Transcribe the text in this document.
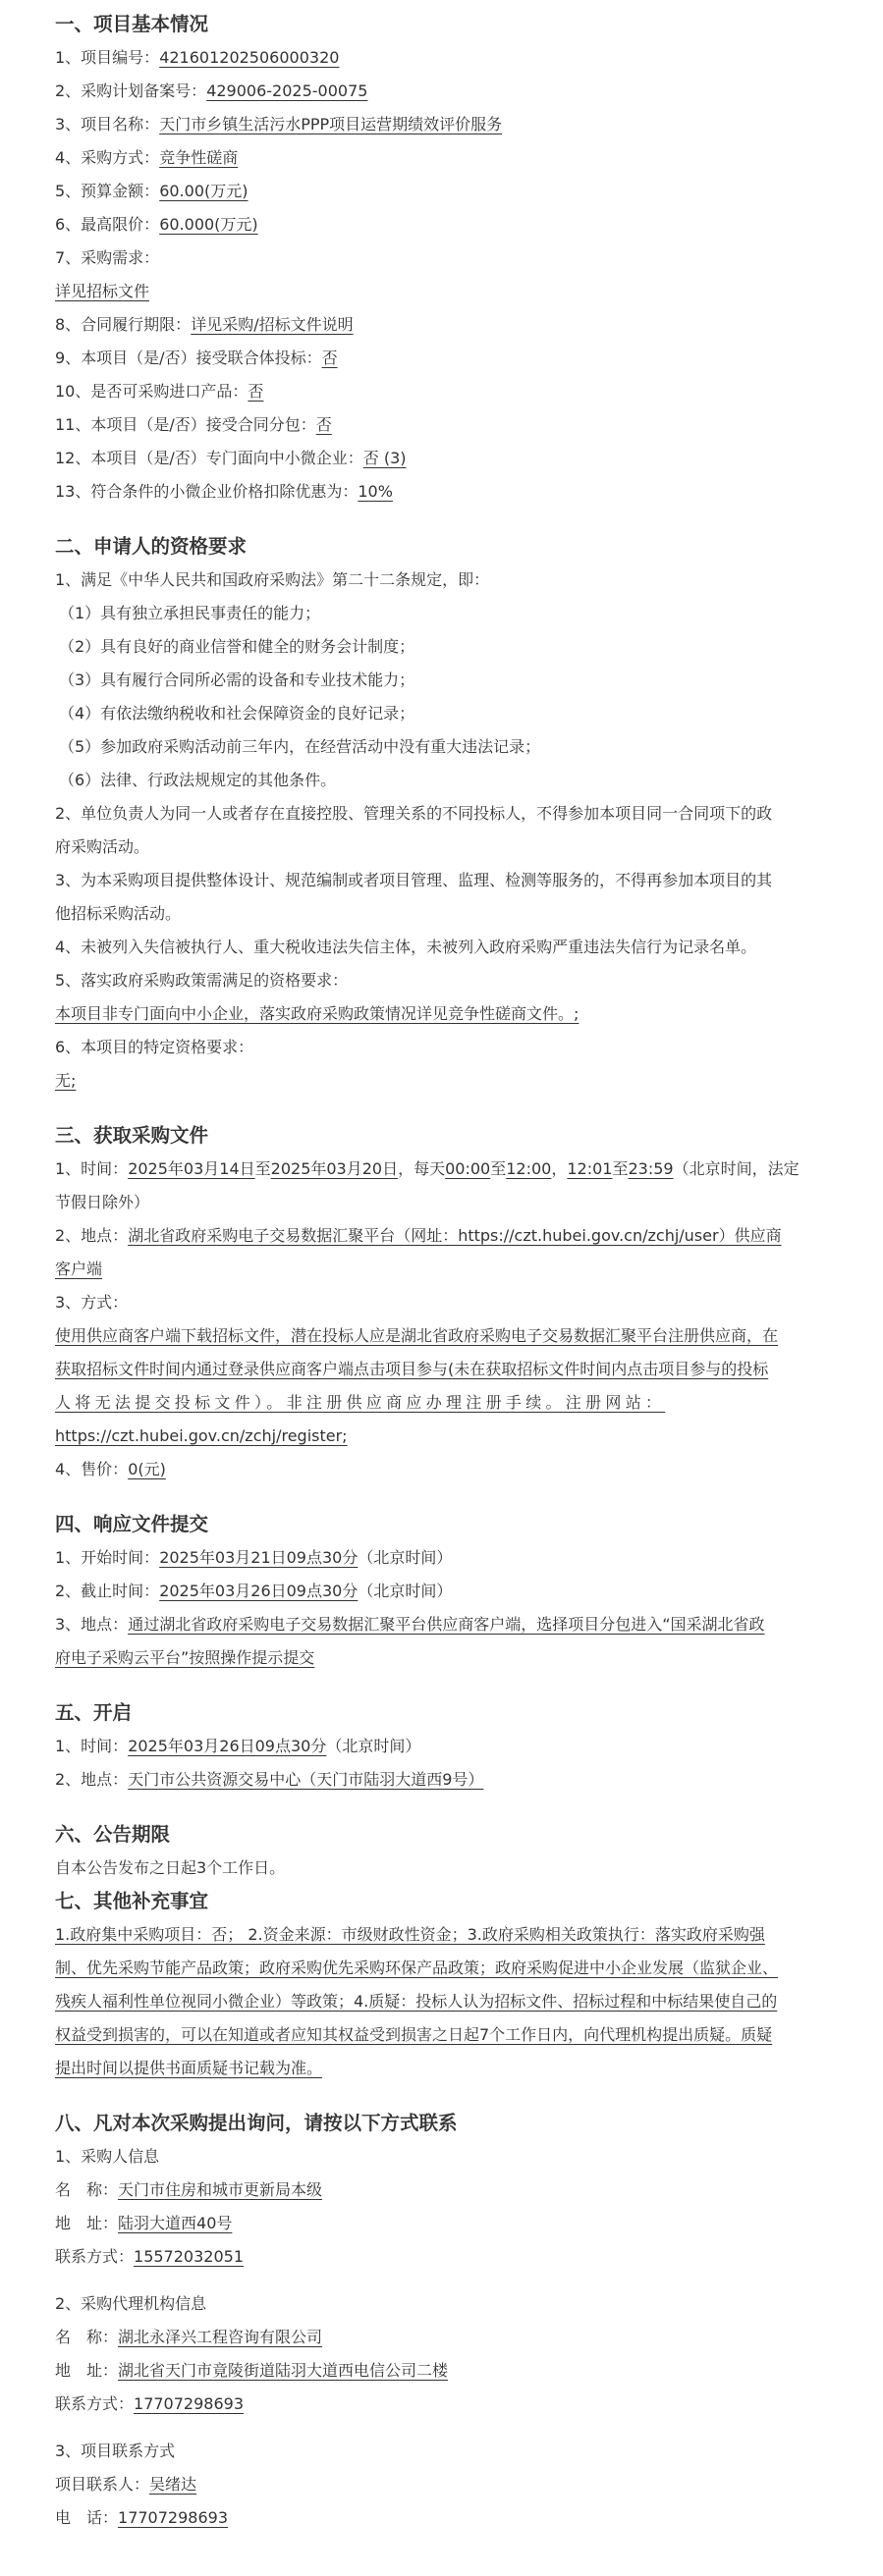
一、项目基本情况

1、项目编号：421601202506000320

2、采购计划备案号：429006-2025-00075

3、项目名称：天门市乡镇生活污水PPP项目运营期绩效评价服务

4、采购方式：竞争性磋商

5、预算金额：60.00(万元)

6、最高限价：60.000(万元)

7、采购需求：

详见招标文件

8、合同履行期限：详见采购/招标文件说明

9、本项目（是/否）接受联合体投标：否

10、是否可采购进口产品：否

11、本项目（是/否）接受合同分包：否

12、本项目（是/否）专门面向中小微企业：否 (3)

13、符合条件的小微企业价格扣除优惠为：10%

二、申请人的资格要求

1、满足《中华人民共和国政府采购法》第二十二条规定，即：

（1）具有独立承担民事责任的能力；

（2）具有良好的商业信誉和健全的财务会计制度；

（3）具有履行合同所必需的设备和专业技术能力；

（4）有依法缴纳税收和社会保障资金的良好记录；

（5）参加政府采购活动前三年内，在经营活动中没有重大违法记录；

（6）法律、行政法规规定的其他条件。

2、单位负责人为同一人或者存在直接控股、管理关系的不同投标人，不得参加本项目同一合同项下的政

府采购活动。

3、为本采购项目提供整体设计、规范编制或者项目管理、监理、检测等服务的，不得再参加本项目的其

他招标采购活动。

4、未被列入失信被执行人、重大税收违法失信主体，未被列入政府采购严重违法失信行为记录名单。

5、落实政府采购政策需满足的资格要求：

本项目非专门面向中小企业，落实政府采购政策情况详见竞争性磋商文件。;

6、本项目的特定资格要求：

无;

三、获取采购文件

1、时间：2025年03月14日至2025年03月20日，每天00:00至12:00，12:01至23:59（北京时间，法定

节假日除外）

2、地点：湖北省政府采购电子交易数据汇聚平台（网址：https://czt.hubei.gov.cn/zchj/user）供应商

客户端

3、方式：

使用供应商客户端下载招标文件，潜在投标人应是湖北省政府采购电子交易数据汇聚平台注册供应商，在

获取招标文件时间内通过登录供应商客户端点击项目参与(未在获取招标文件时间内点击项目参与的投标

人将无法提交投标文件）。非注册供应商应办理注册手续。注册网站：

https://czt.hubei.gov.cn/zchj/register;

4、售价：0(元)

四、响应文件提交

1、开始时间：2025年03月21日09点30分（北京时间）

2、截止时间：2025年03月26日09点30分（北京时间）

3、地点：通过湖北省政府采购电子交易数据汇聚平台供应商客户端，选择项目分包进入“国采湖北省政

府电子采购云平台”按照操作提示提交

五、开启

1、时间：2025年03月26日09点30分（北京时间）

2、地点：天门市公共资源交易中心（天门市陆羽大道西9号）

六、公告期限

自本公告发布之日起3个工作日。

七、其他补充事宜

1.政府集中采购项目：否； 2.资金来源：市级财政性资金；3.政府采购相关政策执行：落实政府采购强

制、优先采购节能产品政策；政府采购优先采购环保产品政策；政府采购促进中小企业发展（监狱企业、

残疾人福利性单位视同小微企业）等政策；4.质疑：投标人认为招标文件、招标过程和中标结果使自己的

权益受到损害的，可以在知道或者应知其权益受到损害之日起7个工作日内，向代理机构提出质疑。质疑

提出时间以提供书面质疑书记载为准。

八、凡对本次采购提出询问，请按以下方式联系

1、采购人信息

名　称：天门市住房和城市更新局本级

地　址：陆羽大道西40号

联系方式：15572032051

2、采购代理机构信息

名　称：湖北永泽兴工程咨询有限公司

地　址：湖北省天门市竟陵街道陆羽大道西电信公司二楼

联系方式：17707298693

3、项目联系方式

项目联系人：吴绪达

电　话：17707298693
